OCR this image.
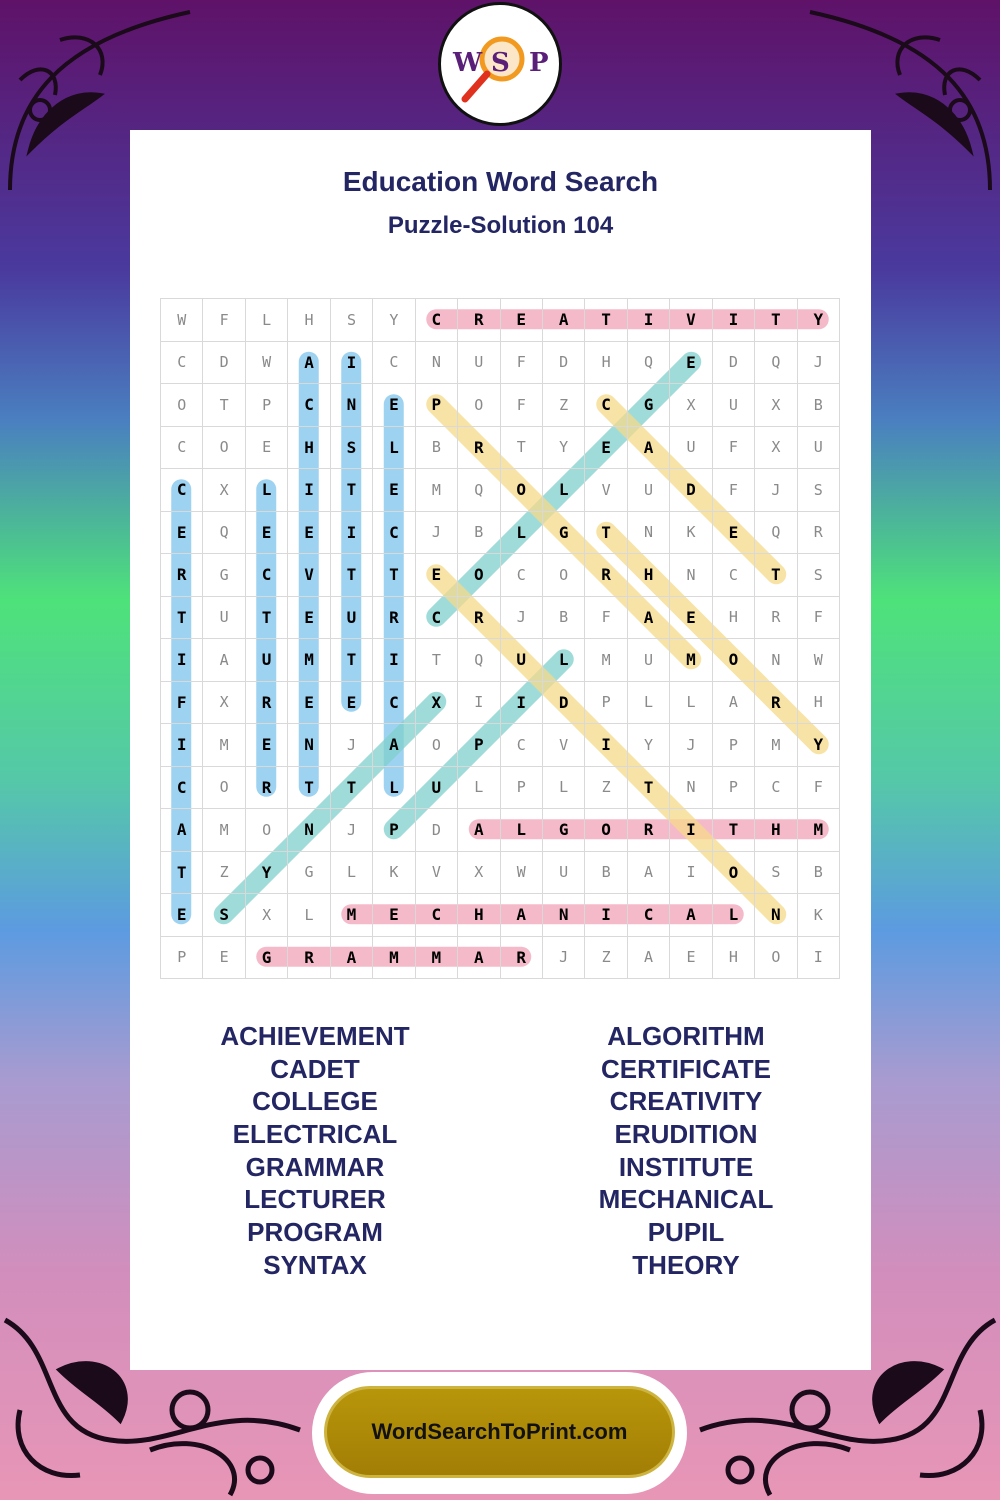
W S P
Education Word Search
Puzzle-Solution 104
W	F	L	H	S	Y	C	R	E	A	T	I	V	I	T	Y
C	D	W	A	I	C	N	U	F	D	H	Q	E	D	Q	J
O	T	P	C	N	E	P	O	F	Z	C	G	X	U	X	B
C	O	E	H	S	L	B	R	T	Y	E	A	U	F	X	U
C	X	L	I	T	E	M	Q	O	L	V	U	D	F	J	S
E	Q	E	E	I	C	J	B	L	G	T	N	K	E	Q	R
R	G	C	V	T	T	E	O	C	O	R	H	N	C	T	S
T	U	T	E	U	R	C	R	J	B	F	A	E	H	R	F
I	A	U	M	T	I	T	Q	U	L	M	U	M	O	N	W
F	X	R	E	E	C	X	I	I	D	P	L	L	A	R	H
I	M	E	N	J	A	O	P	C	V	I	Y	J	P	M	Y
C	O	R	T	T	L	U	L	P	L	Z	T	N	P	C	F
A	M	O	N	J	P	D	A	L	G	O	R	I	T	H	M
T	Z	Y	G	L	K	V	X	W	U	B	A	I	O	S	B
E	S	X	L	M	E	C	H	A	N	I	C	A	L	N	K
P	E	G	R	A	M	M	A	R	J	Z	A	E	H	O	I
ACHIEVEMENT
CADET
COLLEGE
ELECTRICAL
GRAMMAR
LECTURER
PROGRAM
SYNTAX
ALGORITHM
CERTIFICATE
CREATIVITY
ERUDITION
INSTITUTE
MECHANICAL
PUPIL
THEORY
WordSearchToPrint.com
